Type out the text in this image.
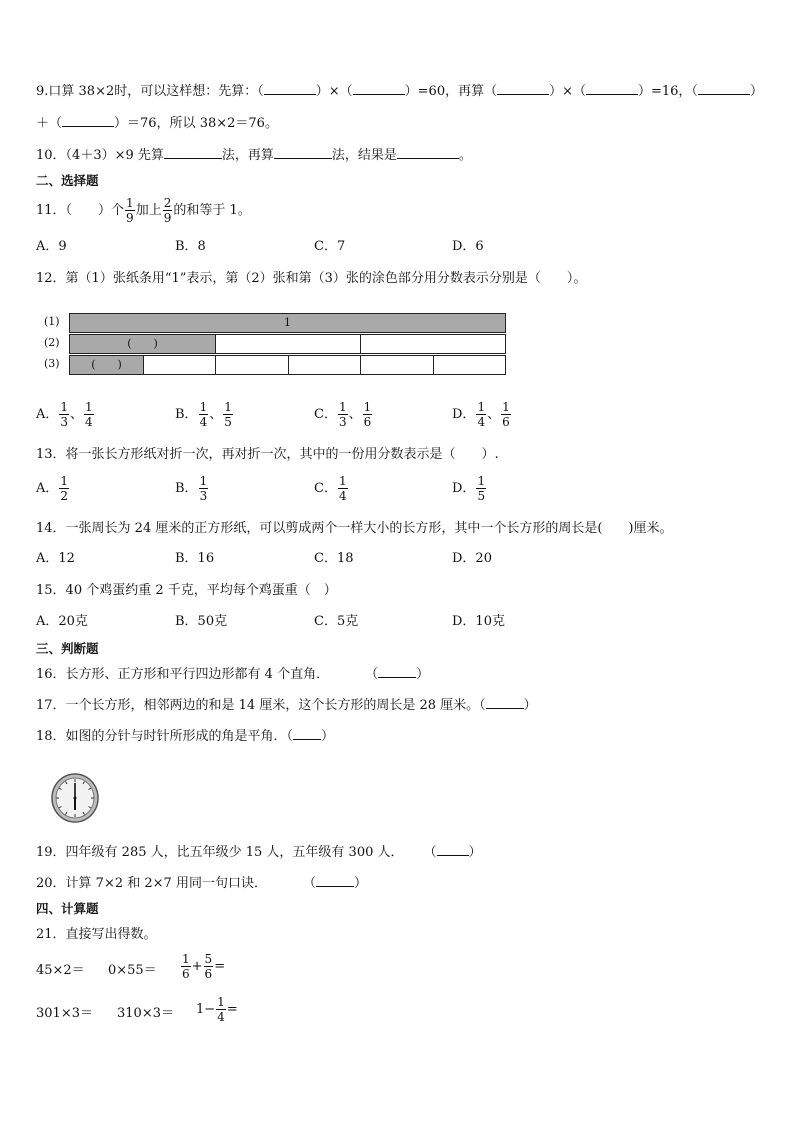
9.口算 38×2时，可以这样想：先算：（	）×（	）=60，再算（	）×（	）=16，（	）
＋（	）＝76，所以 38×2＝76。
10．（4＋3）×9 先算	法，再算	法，结果是	。
二、选择题
11．（　　）个 $\frac{1}{9}$ 加上 $\frac{2}{9}$ 的和等于 1。
A．9	B．8	C．7	D．6
12．第（1）张纸条用“1”表示，第（2）张和第（3）张的涂色部分用分数表示分别是（　　）。
(1)
(2)
(3)
1
(　　)
(　　)
A． $\frac{1}{3}$ 、 $\frac{1}{4}$	B． $\frac{1}{4}$ 、 $\frac{1}{5}$	C． $\frac{1}{3}$ 、 $\frac{1}{6}$	D． $\frac{1}{4}$ 、 $\frac{1}{6}$
13．将一张长方形纸对折一次，再对折一次，其中的一份用分数表示是（　　）.
A． $\frac{1}{2}$	B． $\frac{1}{3}$	C． $\frac{1}{4}$	D． $\frac{1}{5}$
14．一张周长为 24 厘米的正方形纸，可以剪成两个一样大小的长方形，其中一个长方形的周长是(　　)厘米。
A．12	B．16	C．18	D．20
15．40 个鸡蛋约重 2 千克，平均每个鸡蛋重（　）
A．20克	B．50克	C．5克	D．10克
三、判断题
16．长方形、正方形和平行四边形都有 4 个直角．	（	）
17．一个长方形，相邻两边的和是 14 厘米，这个长方形的周长是 28 厘米。（	）
18．如图的分针与时针所形成的角是平角．（ ）
19．四年级有 285 人，比五年级少 15 人，五年级有 300 人． （ ）
20．计算 7×2 和 2×7 用同一句口诀．	（	）
四、计算题
21．直接写出得数。
$45\times 2= 0\times 55= \frac{1}{6} + \frac{5}{6}$ =
$301\times 3= 310\times 3= 1- \frac{1}{4}$ =
